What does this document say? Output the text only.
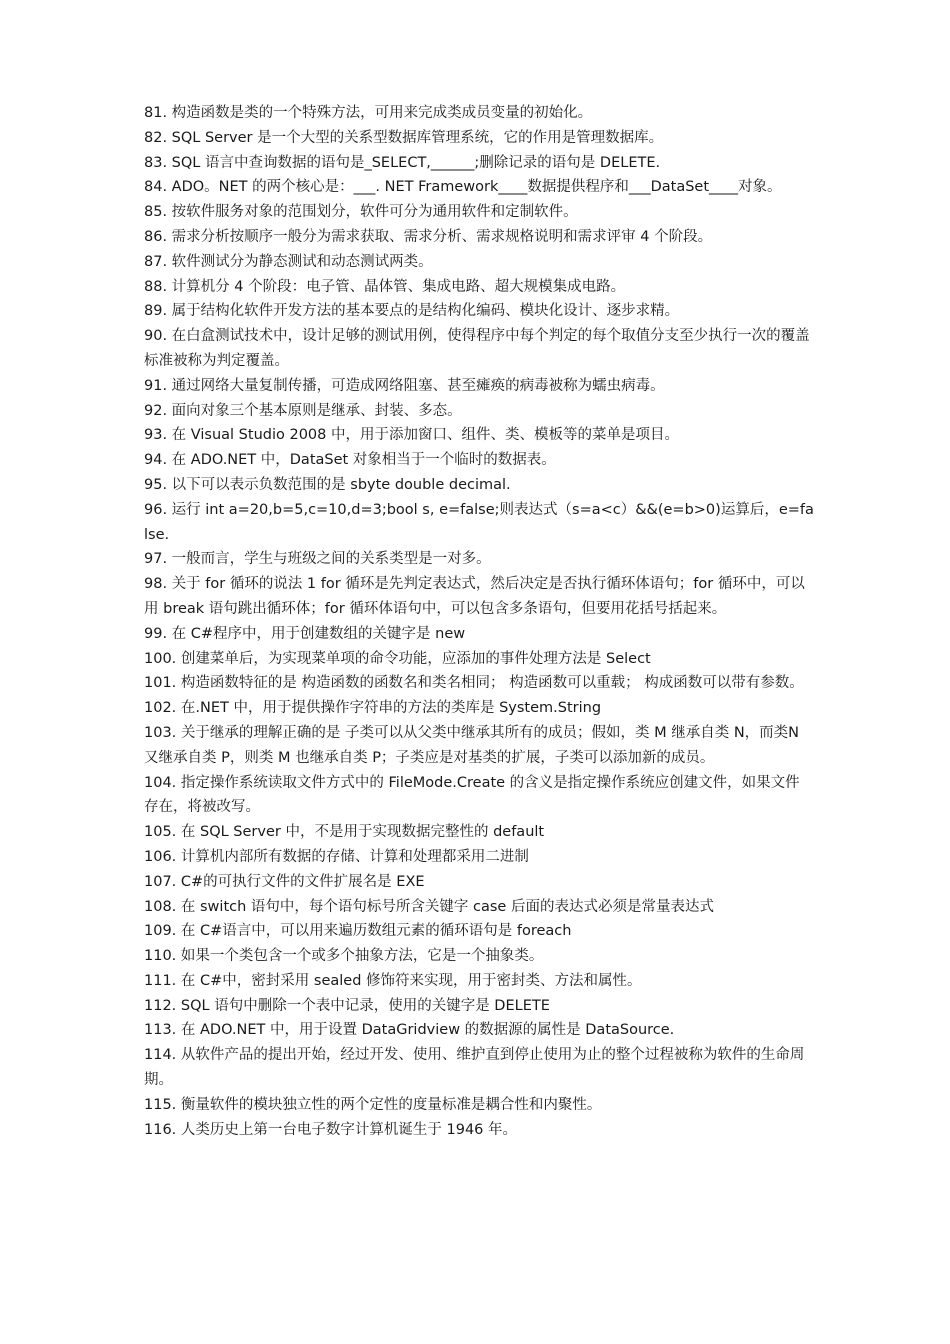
81. 构造函数是类的一个特殊方法，可用来完成类成员变量的初始化。

82. SQL Server 是一个大型的关系型数据库管理系统，它的作用是管理数据库。

83. SQL 语言中查询数据的语句是_SELECT,______;删除记录的语句是 DELETE.

84. ADO。NET 的两个核心是：___. NET Framework____数据提供程序和___DataSet____对象。

85. 按软件服务对象的范围划分，软件可分为通用软件和定制软件。

86. 需求分析按顺序一般分为需求获取、需求分析、需求规格说明和需求评审 4 个阶段。

87. 软件测试分为静态测试和动态测试两类。

88. 计算机分 4 个阶段：电子管、晶体管、集成电路、超大规模集成电路。

89. 属于结构化软件开发方法的基本要点的是结构化编码、模块化设计、逐步求精。

90. 在白盒测试技术中，设计足够的测试用例，使得程序中每个判定的每个取值分支至少执行一次的覆盖标准被称为判定覆盖。

91. 通过网络大量复制传播，可造成网络阻塞、甚至瘫痪的病毒被称为蠕虫病毒。

92. 面向对象三个基本原则是继承、封装、多态。

93. 在 Visual Studio 2008 中，用于添加窗口、组件、类、模板等的菜单是项目。

94. 在 ADO.NET 中，DataSet 对象相当于一个临时的数据表。

95. 以下可以表示负数范围的是 sbyte double decimal.

96. 运行 int a=20,b=5,c=10,d=3;bool s, e=false;则表达式（s=a<c）&&(e=b>0)运算后，e=false.

97. 一般而言，学生与班级之间的关系类型是一对多。

98. 关于 for 循环的说法 1 for 循环是先判定表达式，然后决定是否执行循环体语句；for 循环中，可以用 break 语句跳出循环体；for 循环体语句中，可以包含多条语句，但要用花括号括起来。

99. 在 C#程序中，用于创建数组的关键字是 new

100. 创建菜单后，为实现菜单项的命令功能，应添加的事件处理方法是 Select

101. 构造函数特征的是 构造函数的函数名和类名相同； 构造函数可以重载； 构成函数可以带有参数。

102. 在.NET 中，用于提供操作字符串的方法的类库是 System.String

103. 关于继承的理解正确的是 子类可以从父类中继承其所有的成员；假如，类 M 继承自类 N，而类N 又继承自类 P，则类 M 也继承自类 P；子类应是对基类的扩展，子类可以添加新的成员。

104. 指定操作系统读取文件方式中的 FileMode.Create 的含义是指定操作系统应创建文件，如果文件存在，将被改写。

105. 在 SQL Server 中，不是用于实现数据完整性的 default

106. 计算机内部所有数据的存储、计算和处理都采用二进制

107. C#的可执行文件的文件扩展名是 EXE

108. 在 switch 语句中，每个语句标号所含关键字 case 后面的表达式必须是常量表达式

109. 在 C#语言中，可以用来遍历数组元素的循环语句是 foreach

110. 如果一个类包含一个或多个抽象方法，它是一个抽象类。

111. 在 C#中，密封采用 sealed 修饰符来实现，用于密封类、方法和属性。

112. SQL 语句中删除一个表中记录，使用的关键字是 DELETE

113. 在 ADO.NET 中，用于设置 DataGridview 的数据源的属性是 DataSource.

114. 从软件产品的提出开始，经过开发、使用、维护直到停止使用为止的整个过程被称为软件的生命周期。

115. 衡量软件的模块独立性的两个定性的度量标准是耦合性和内聚性。

116. 人类历史上第一台电子数字计算机诞生于 1946 年。
